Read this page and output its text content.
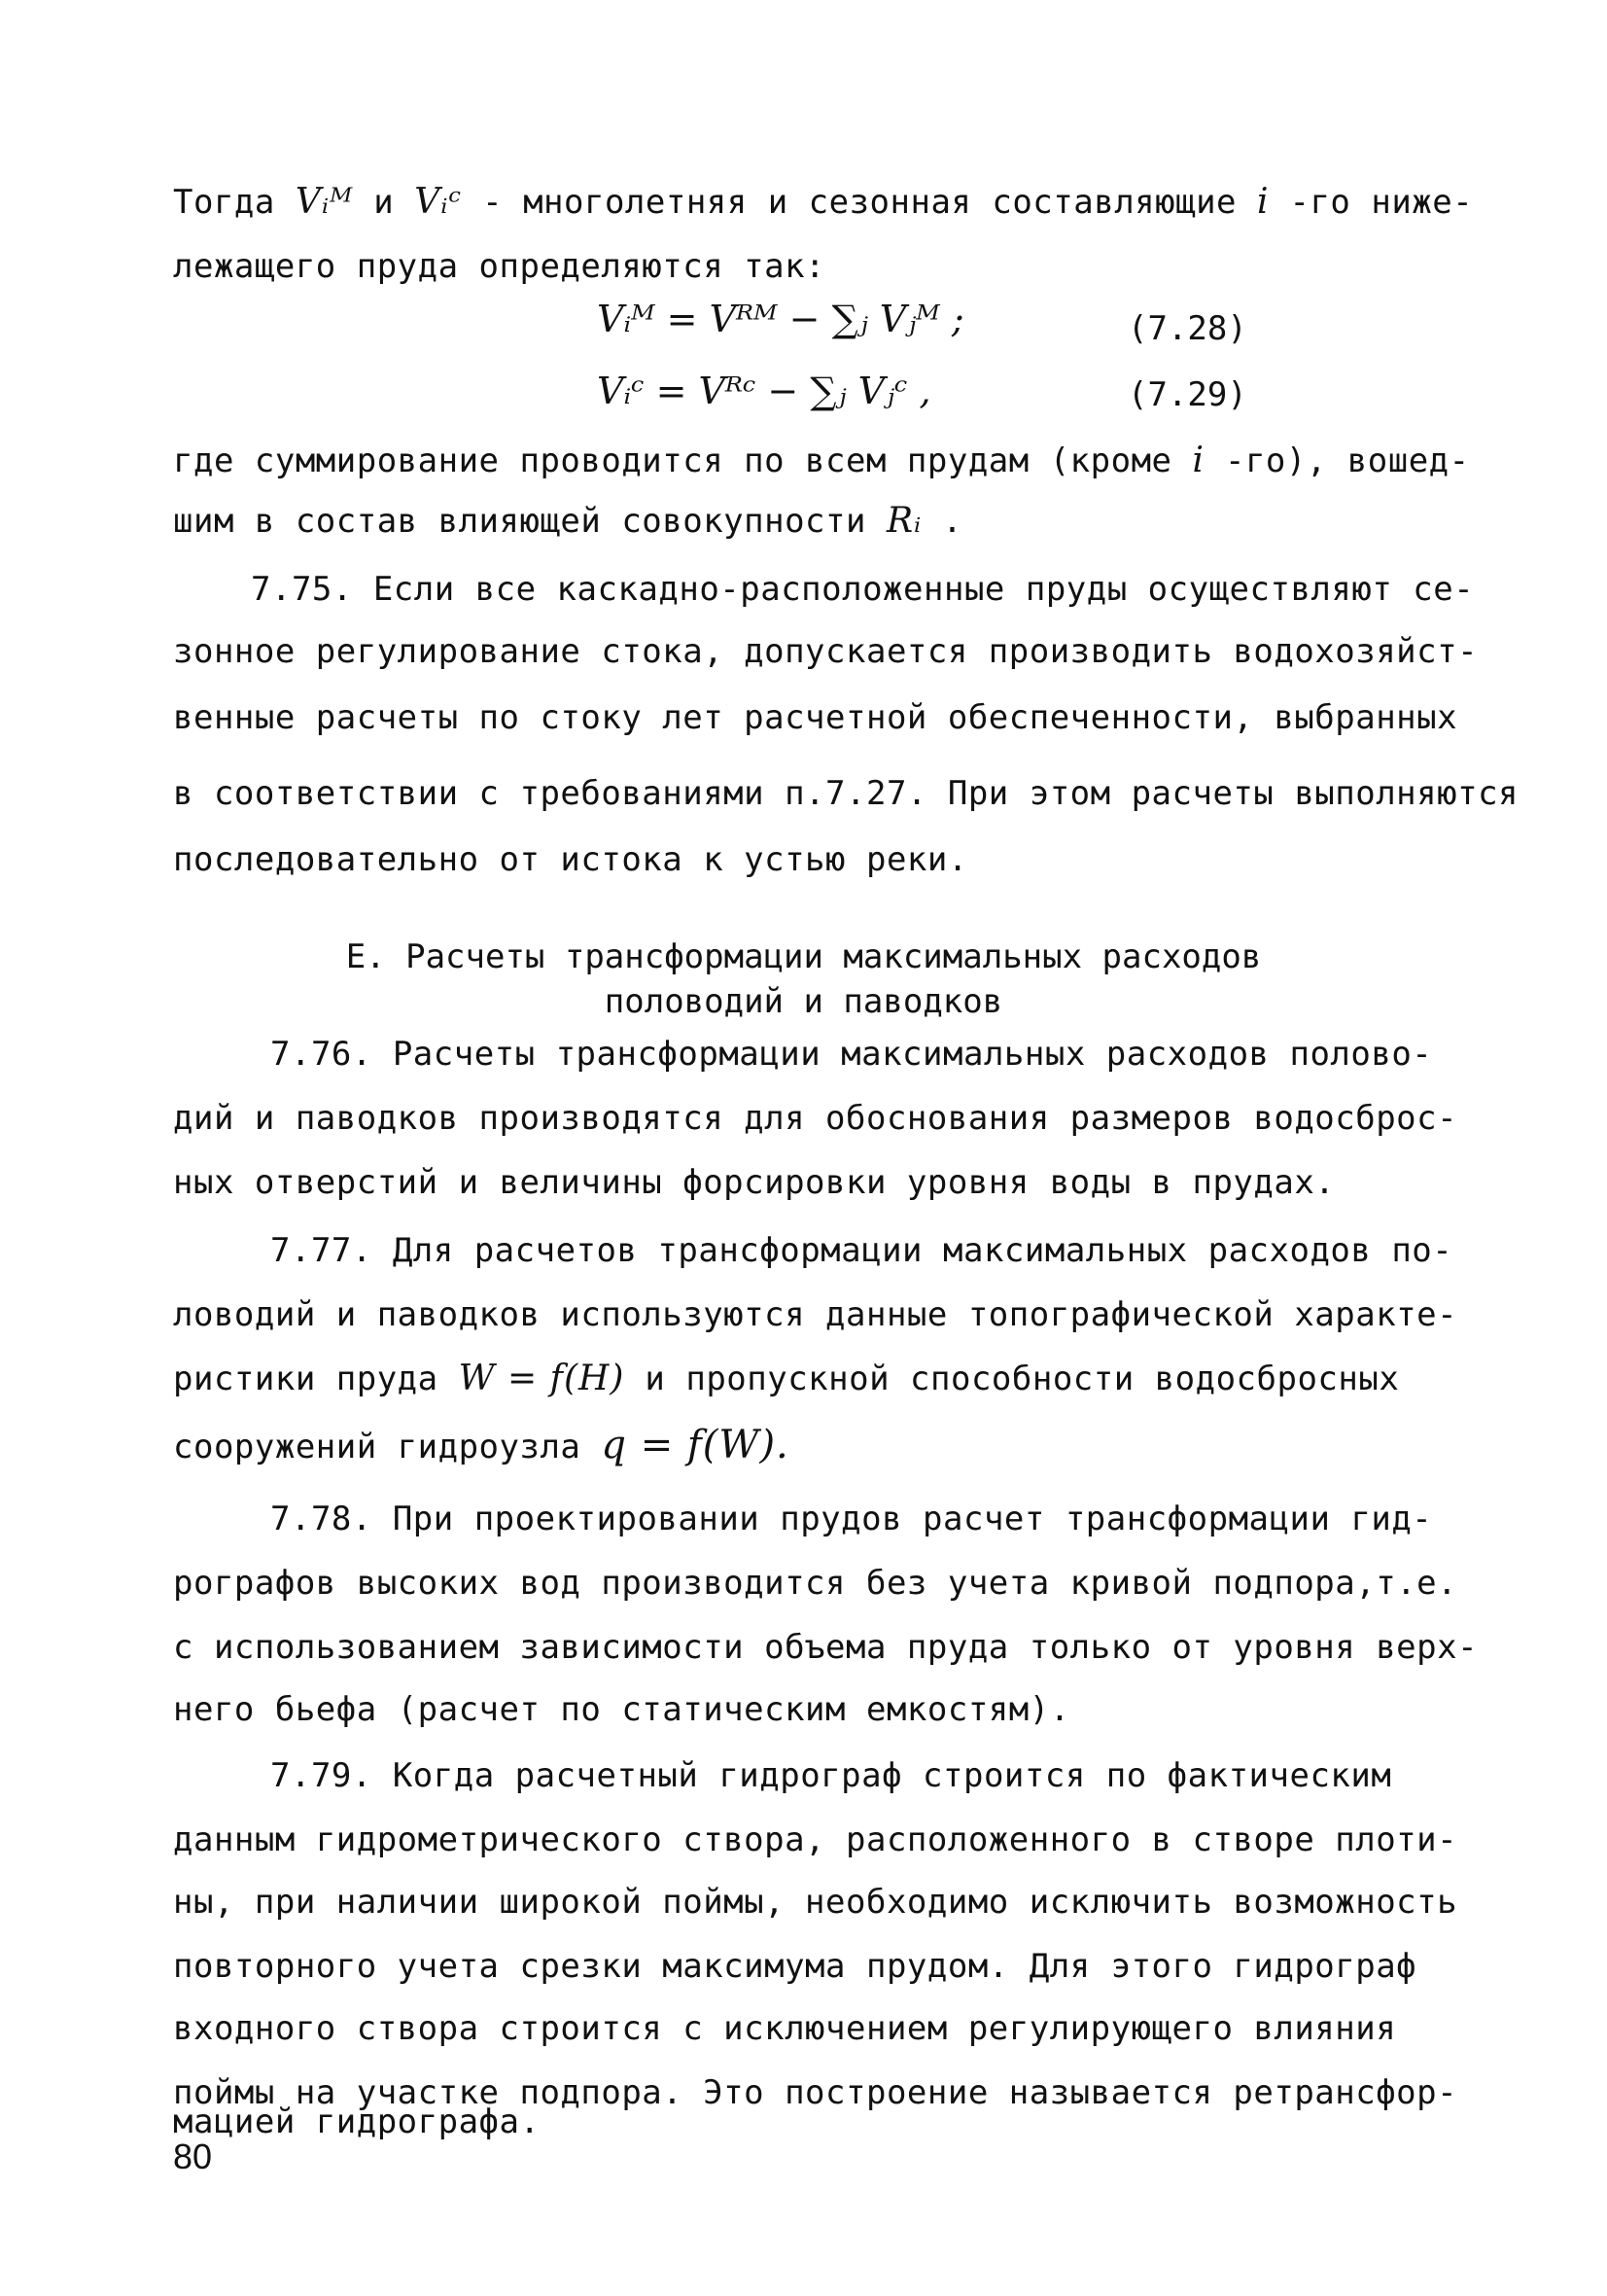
Тогда Vᵢᴹ и Vᵢᶜ - многолетняя и сезонная составляющие i -го ниже-
лежащего пруда определяются так:
Vᵢᴹ = Vᴿᴹ − ∑ⱼ Vⱼᴹ ;	(7.28)
Vᵢᶜ = Vᴿᶜ − ∑ⱼ Vⱼᶜ ,	(7.29)
где суммирование проводится по всем прудам (кроме i -го), вошед-
шим в состав влияющей совокупности Rᵢ .
7.75. Если все каскадно-расположенные пруды осуществляют се-
зонное регулирование стока, допускается производить водохозяйст-
венные расчеты по стоку лет расчетной обеспеченности, выбранных
в соответствии с требованиями п.7.27. При этом расчеты выполняются
последовательно от истока к устью реки.
Е. Расчеты трансформации максимальных расходов
половодий и паводков
7.76. Расчеты трансформации максимальных расходов полово-
дий и паводков производятся для обоснования размеров водосброс-
ных отверстий и величины форсировки уровня воды в прудах.
7.77. Для расчетов трансформации максимальных расходов по-
ловодий и паводков используются данные топографической характе-
ристики пруда W = f(H) и пропускной способности водосбросных
сооружений гидроузла q = f(W).
7.78. При проектировании прудов расчет трансформации гид-
рографов высоких вод производится без учета кривой подпора,т.е.
с использованием зависимости объема пруда только от уровня верх-
него бьефа (расчет по статическим емкостям).
7.79. Когда расчетный гидрограф строится по фактическим
данным гидрометрического створа, расположенного в створе плоти-
ны, при наличии широкой поймы, необходимо исключить возможность
повторного учета срезки максимума прудом. Для этого гидрограф
входного створа строится с исключением регулирующего влияния
поймы на участке подпора. Это построение называется ретрансфор-
мацией гидрографа.
80
